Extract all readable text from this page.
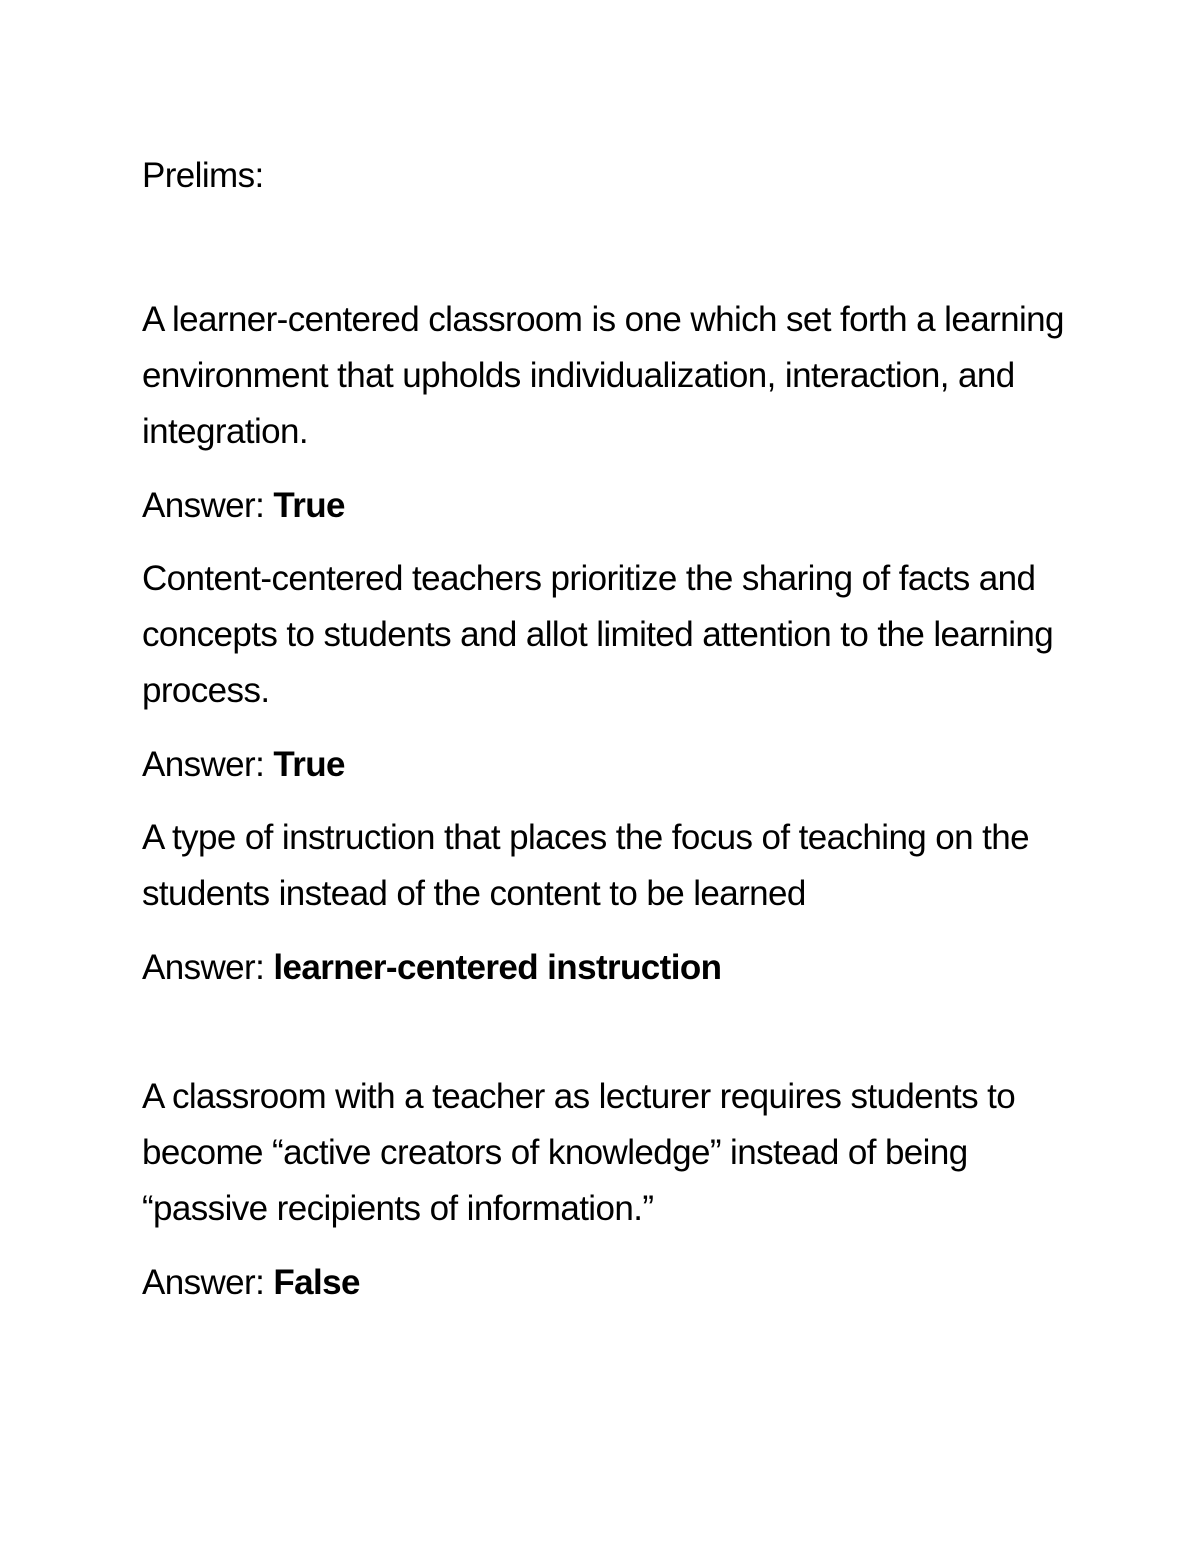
Prelims:

A learner-centered classroom is one which set forth a learning environment that upholds individualization, interaction, and integration.

Answer: True

Content-centered teachers prioritize the sharing of facts and concepts to students and allot limited attention to the learning process.

Answer: True

A type of instruction that places the focus of teaching on the students instead of the content to be learned

Answer: learner-centered instruction

A classroom with a teacher as lecturer requires students to become “active creators of knowledge” instead of being “passive recipients of information.”

Answer: False
